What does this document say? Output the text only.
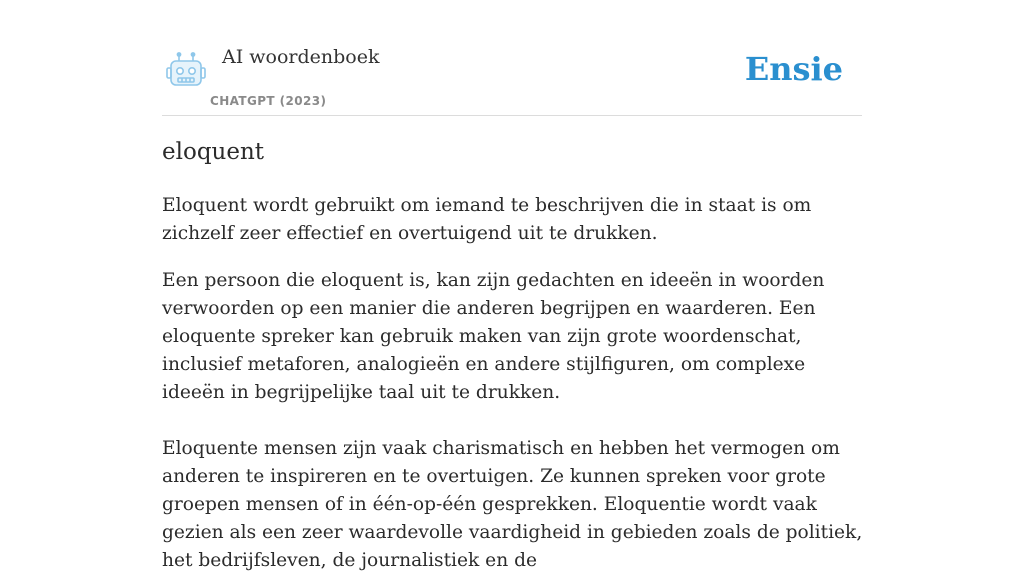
AI woordenboek
CHATGPT (2023)
Ensie
eloquent

Eloquent wordt gebruikt om iemand te beschrijven die in staat is om zichzelf zeer effectief en overtuigend uit te drukken.

Een persoon die eloquent is, kan zijn gedachten en ideeën in woorden verwoorden op een manier die anderen begrijpen en waarderen. Een eloquente spreker kan gebruik maken van zijn grote woordenschat, inclusief metaforen, analogieën en andere stijlfiguren, om complexe ideeën in begrijpelijke taal uit te drukken.

Eloquente mensen zijn vaak charismatisch en hebben het vermogen om anderen te inspireren en te overtuigen. Ze kunnen spreken voor grote groepen mensen of in één-op-één gesprekken. Eloquentie wordt vaak gezien als een zeer waardevolle vaardigheid in gebieden zoals de politiek, het bedrijfsleven, de journalistiek en de
